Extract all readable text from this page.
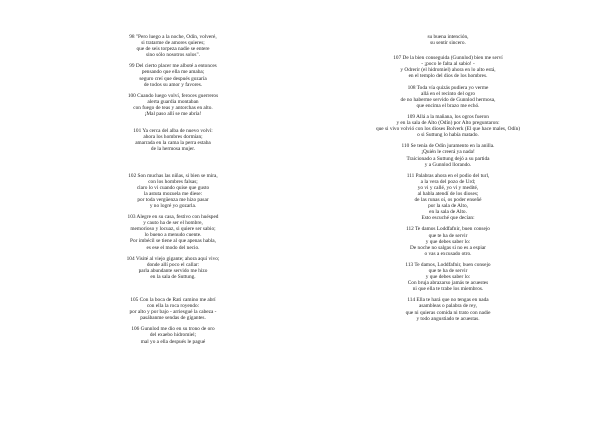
98 "Pero luego a la noche, Odín, volveré,
si tratarme de amores quieres;
que de seis torpeza nadie se entere
sino sólo nosotros solos".
99 Del cierto placer me alboté a entonces
pensando que ella me amaba;
seguro creí que después gozaría
de todos su amor y favores.
100 Cuando luego volví, feroces guerreros
alerta guardia montaban
con fuego de teas y antorchas en alto.
¡Mal paso allí se me abría!
101 Ya cerca del alba de nuevo volví:
ahora los hombres dormían;
amarrada en la cama la perra estaba
de la hermosa mujer.
102 Son muchas las niñas, si bien se mira,
con los hombres falsas;
claro lo vi cuando quise que gusto
la astuta mozuela me diese:
por toda vergüenza me hizo pasar
y no logré yo gozarla.
103 Alegre en su casa, festivo con huésped
y cauto ha de ser el hombre,
memorioso y locuaz, si quiere ser sabio;
lo bueno a menudo cuente.
Por imbécil se tiene al que apenas habla,
es ese el modo del necio.
104 Visité al viejo gigante; ahora aquí vivo;
donde allí poco el callar:
parla abundante servido me hizo
en la sala de Suttung.
105 Con la boca de Rati camino me abrí
con ella la roca royendo:
por alto y por bajo - arriesgué la cabeza -
pasábanme sendas de gigantes.
106 Gunnlod me dio en su trono de oro
del exaebo hidromiel;
mal yo a ella después le pagué
su buena intención,
su sentir sincero.
107 De la bien conseguida (Gunnlod) bien me serví
- ¡poco le falta al sabio! -
y Odrerir (el hidromiel) ahora en lo alto está,
en el templo del dios de los hombres.
108 Toda vía quizás pudiera yo verme
allá en el recinto del ogro
de no haberme servido de Gunnlod hermosa,
que encima el brazo me echó.
109 Allá a la mañana, los ogros fueron
y en la sala de Alto (Odín) por Alto preguntaron:
que si vivo volvió con los dioses Bolverk (El que hace males, Odín)
o si Suttung lo había matado.
110 Se tenía de Odín juramento en la anilla.
¡Quién le creerá ya nada!
Traicionado a Suttung dejó a su partida
y a Gunnlod llorando.
111 Palabras ahora en el podio del turl,
a la vera del pozo de Urd;
yo vi y callé, yo vi y medité,
al habla atendí de los dioses;
de las runas oí, os poder enseñé
por la sala de Alto,
en la sala de Alto.
Esto escuché que decían:
112 Te damos Loddfafnir, buen consejo
que te ha de servir
y que debes saber lo:
De noche no salgas si no es a espiar
o vas a excusado otro.
113 Te damos, Loddfafnir, buen consejo
que te ha de servir
y que debes saber lo:
Con bruja abrazarso jamás te acuestes
ni que ella te trabe los miembros.
114 Ella te hará que no tengas en nada
asambleas o palabra de rey,
que ni quieras comida ni trato con nadie
y todo angustiado te acuestas.
